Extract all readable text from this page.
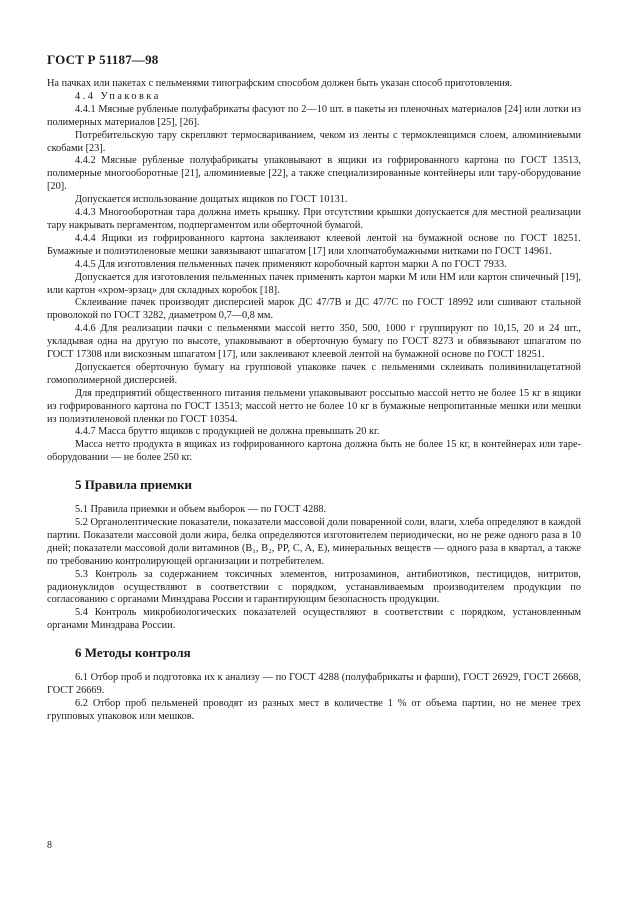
ГОСТ Р 51187—98

На пачках или пакетах с пельменями типографским способом должен быть указан способ приготовления.

4.4 Упаковка

4.4.1 Мясные рубленые полуфабрикаты фасуют по 2—10 шт. в пакеты из пленочных материалов [24] или лотки из полимерных материалов [25], [26].

Потребительскую тару скрепляют термосвариванием, чеком из ленты с термоклеящимся слоем, алюминиевыми скобами [23].

4.4.2 Мясные рубленые полуфабрикаты упаковывают в ящики из гофрированного картона по ГОСТ 13513, полимерные многооборотные [21], алюминиевые [22], а также специализированные контейнеры или тару-оборудование [20].

Допускается использование дощатых ящиков по ГОСТ 10131.

4.4.3 Многооборотная тара должна иметь крышку. При отсутствии крышки допускается для местной реализации тару накрывать пергаментом, подпергаментом или оберточной бумагой.

4.4.4 Ящики из гофрированного картона заклеивают клеевой лентой на бумажной основе по ГОСТ 18251. Бумажные и полиэтиленовые мешки завязывают шпагатом [17] или хлопчатобумажными нитками по ГОСТ 14961.

4.4.5 Для изготовления пельменных пачек применяют коробочный картон марки А по ГОСТ 7933.

Допускается для изготовления пельменных пачек применять картон марки М или НМ или картон спичечный [19], или картон «хром-эрзац» для складных коробок [18].

Склеивание пачек производят дисперсией марок ДС 47/7В и ДС 47/7С по ГОСТ 18992 или сшивают стальной проволокой по ГОСТ 3282, диаметром 0,7—0,8 мм.

4.4.6 Для реализации пачки с пельменями массой нетто 350, 500, 1000 г группируют по 10,15, 20 и 24 шт., укладывая одна на другую по высоте, упаковывают в оберточную бумагу по ГОСТ 8273 и обвязывают шпагатом по ГОСТ 17308 или вискозным шпагатом [17], или заклеивают клеевой лентой на бумажной основе по ГОСТ 18251.

Допускается оберточную бумагу на групповой упаковке пачек с пельменями склеивать поливинилацетатной гомополимерной дисперсией.

Для предприятий общественного питания пельмени упаковывают россыпью массой нетто не более 15 кг в ящики из гофрированного картона по ГОСТ 13513; массой нетто не более 10 кг в бумажные непропитанные мешки или мешки из полиэтиленовой пленки по ГОСТ 10354.

4.4.7 Масса брутто ящиков с продукцией не должна превышать 20 кг.

Масса нетто продукта в ящиках из гофрированного картона должна быть не более 15 кг, в контейнерах или таре-оборудовании — не более 250 кг.

5 Правила приемки

5.1 Правила приемки и объем выборок — по ГОСТ 4288.

5.2 Органолептические показатели, показатели массовой доли поваренной соли, влаги, хлеба определяют в каждой партии. Показатели массовой доли жира, белка определяются изготовителем периодически, но не реже одного раза в 10 дней; показатели массовой доли витаминов (B₁, B₂, PP, C, A, E), минеральных веществ — одного раза в квартал, а также по требованию контролирующей организации и потребителем.

5.3 Контроль за содержанием токсичных элементов, нитрозаминов, антибиотиков, пестицидов, нитритов, радионуклидов осуществляют в соответствии с порядком, устанавливаемым производителем продукции по согласованию с органами Минздрава России и гарантирующим безопасность продукции.

5.4 Контроль микробиологических показателей осуществляют в соответствии с порядком, установленным органами Минздрава России.

6 Методы контроля

6.1 Отбор проб и подготовка их к анализу — по ГОСТ 4288 (полуфабрикаты и фарши), ГОСТ 26929, ГОСТ 26668, ГОСТ 26669.

6.2 Отбор проб пельменей проводят из разных мест в количестве 1 % от объема партии, но не менее трех групповых упаковок или мешков.

8
